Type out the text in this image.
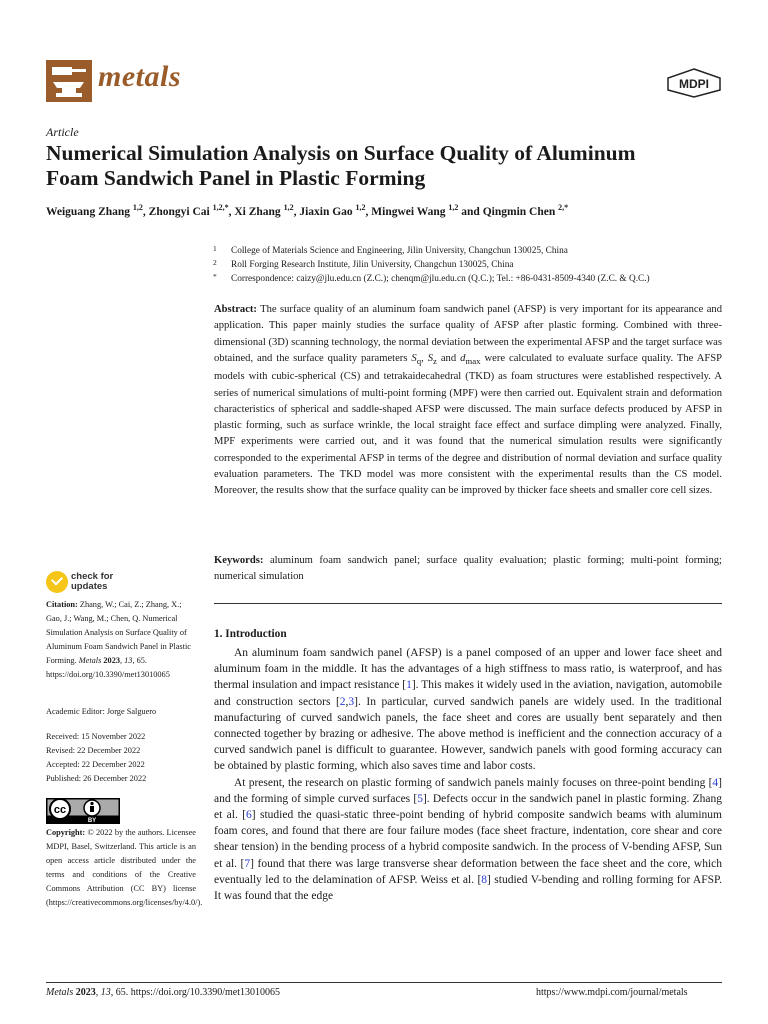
metals	MDPI
Article
Numerical Simulation Analysis on Surface Quality of Aluminum Foam Sandwich Panel in Plastic Forming
Weiguang Zhang $^{1,2}$, Zhongyi Cai $^{1,2,*}$, Xi Zhang $^{1,2}$, Jiaxin Gao $^{1,2}$, Mingwei Wang $^{1,2}$ and Qingmin Chen $^{2,*}$
1 College of Materials Science and Engineering, Jilin University, Changchun 130025, China
2 Roll Forging Research Institute, Jilin University, Changchun 130025, China
* Correspondence: caizy@jlu.edu.cn (Z.C.); chenqm@jlu.edu.cn (Q.C.); Tel.: +86-0431-8509-4340 (Z.C. & Q.C.)
Abstract: The surface quality of an aluminum foam sandwich panel (AFSP) is very important for its appearance and application. This paper mainly studies the surface quality of AFSP after plastic forming. Combined with three-dimensional (3D) scanning technology, the normal deviation between the experimental AFSP and the target surface was obtained, and the surface quality parameters $S_q$, $S_z$ and $d_{max}$ were calculated to evaluate surface quality. The AFSP models with cubic-spherical (CS) and tetrakaidecahedral (TKD) as foam structures were established respectively. A series of numerical simulations of multi-point forming (MPF) were then carried out. Equivalent strain and deformation characteristics of spherical and saddle-shaped AFSP were discussed. The main surface defects produced by AFSP in plastic forming, such as surface wrinkle, the local straight face effect and surface dimpling were analyzed. Finally, MPF experiments were carried out, and it was found that the numerical simulation results were significantly corresponded to the experimental AFSP in terms of the degree and distribution of normal deviation and surface quality evaluation parameters. The TKD model was more consistent with the experimental results than the CS model. Moreover, the results show that the surface quality can be improved by thicker face sheets and smaller core cell sizes.
Keywords: aluminum foam sandwich panel; surface quality evaluation; plastic forming; multi-point forming; numerical simulation
check for
updates
Citation: Zhang, W.; Cai, Z.; Zhang, X.; Gao, J.; Wang, M.; Chen, Q. Numerical Simulation Analysis on Surface Quality of Aluminum Foam Sandwich Panel in Plastic Forming. Metals 2023, 13, 65. https://doi.org/10.3390/met13010065
Academic Editor: Jorge Salguero
Received: 15 November 2022
Revised: 22 December 2022
Accepted: 22 December 2022
Published: 26 December 2022
cc
BY
Copyright: © 2022 by the authors. Licensee MDPI, Basel, Switzerland. This article is an open access article distributed under the terms and conditions of the Creative Commons Attribution (CC BY) license (https://creativecommons.org/licenses/by/4.0/).
1. Introduction

An aluminum foam sandwich panel (AFSP) is a panel composed of an upper and lower face sheet and aluminum foam in the middle. It has the advantages of a high stiffness to mass ratio, is waterproof, and has thermal insulation and impact resistance [1]. This makes it widely used in the aviation, navigation, automobile and construction sectors [2,3]. In particular, curved sandwich panels are widely used. In the traditional manufacturing of curved sandwich panels, the face sheet and cores are usually bent separately and then connected together by brazing or adhesive. The above method is inefficient and the connection accuracy of a curved sandwich panel is difficult to guarantee. However, sandwich panels with good forming accuracy can be obtained by plastic forming, which also saves time and labor costs.

At present, the research on plastic forming of sandwich panels mainly focuses on three-point bending [4] and the forming of simple curved surfaces [5]. Defects occur in the sandwich panel in plastic forming. Zhang et al. [6] studied the quasi-static three-point bending of hybrid composite sandwich beams with aluminum foam cores, and found that there are four failure modes (face sheet fracture, indentation, core shear and core shear tension) in the bending process of a hybrid composite sandwich. In the process of V-bending AFSP, Sun et al. [7] found that there was large transverse shear deformation between the face sheet and the core, which eventually led to the delamination of AFSP. Weiss et al. [8] studied V-bending and rolling forming for AFSP. It was found that the edge

Metals 2023, 13, 65. https://doi.org/10.3390/met13010065	https://www.mdpi.com/journal/metals
